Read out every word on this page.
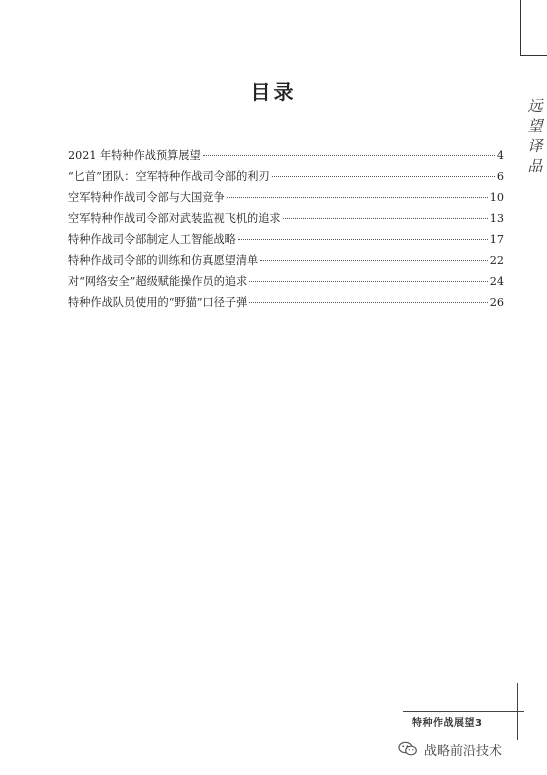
远
望
译
品
目录
2021 年特种作战预算展望	4
“匕首”团队：空军特种作战司令部的利刃	6
空军特种作战司令部与大国竞争	10
空军特种作战司令部对武装监视飞机的追求	13
特种作战司令部制定人工智能战略	17
特种作战司令部的训练和仿真愿望清单	22
对“网络安全”超级赋能操作员的追求	24
特种作战队员使用的“野猫”口径子弹	26
特种作战展望3
战略前沿技术
